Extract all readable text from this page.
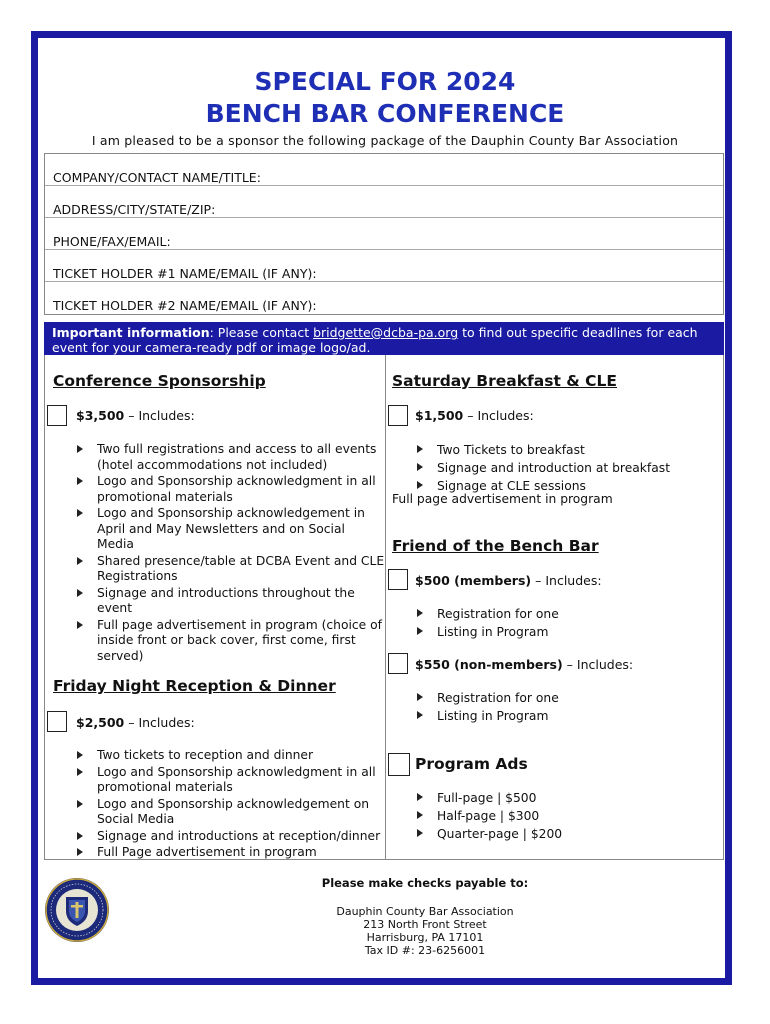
SPECIAL FOR 2024
BENCH BAR CONFERENCE
I am pleased to be a sponsor the following package of the Dauphin County Bar Association
COMPANY/CONTACT NAME/TITLE:
ADDRESS/CITY/STATE/ZIP:
PHONE/FAX/EMAIL:
TICKET HOLDER #1 NAME/EMAIL (IF ANY):
TICKET HOLDER #2 NAME/EMAIL (IF ANY):
Important information: Please contact bridgette@dcba-pa.org to find out specific deadlines for each event for your camera-ready pdf or image logo/ad.
Conference Sponsorship
$3,500 – Includes:
Two full registrations and access to all events (hotel accommodations not included)
Logo and Sponsorship acknowledgment in all promotional materials
Logo and Sponsorship acknowledgement in April and May Newsletters and on Social Media
Shared presence/table at DCBA Event and CLE Registrations
Signage and introductions throughout the event
Full page advertisement in program (choice of inside front or back cover, first come, first served)
Friday Night Reception & Dinner
$2,500 – Includes:
Two tickets to reception and dinner
Logo and Sponsorship acknowledgment in all promotional materials
Logo and Sponsorship acknowledgement on Social Media
Signage and introductions at reception/dinner
Full Page advertisement in program
Saturday Breakfast & CLE
$1,500 – Includes:
Two Tickets to breakfast
Signage and introduction at breakfast
Signage at CLE sessions
Full page advertisement in program
Friend of the Bench Bar
$500 (members) – Includes:
Registration for one
Listing in Program
$550 (non-members) – Includes:
Registration for one
Listing in Program
Program Ads
Full-page | $500
Half-page | $300
Quarter-page | $200

Please make checks payable to:
Dauphin County Bar Association
213 North Front Street
Harrisburg, PA 17101
Tax ID #: 23-6256001
